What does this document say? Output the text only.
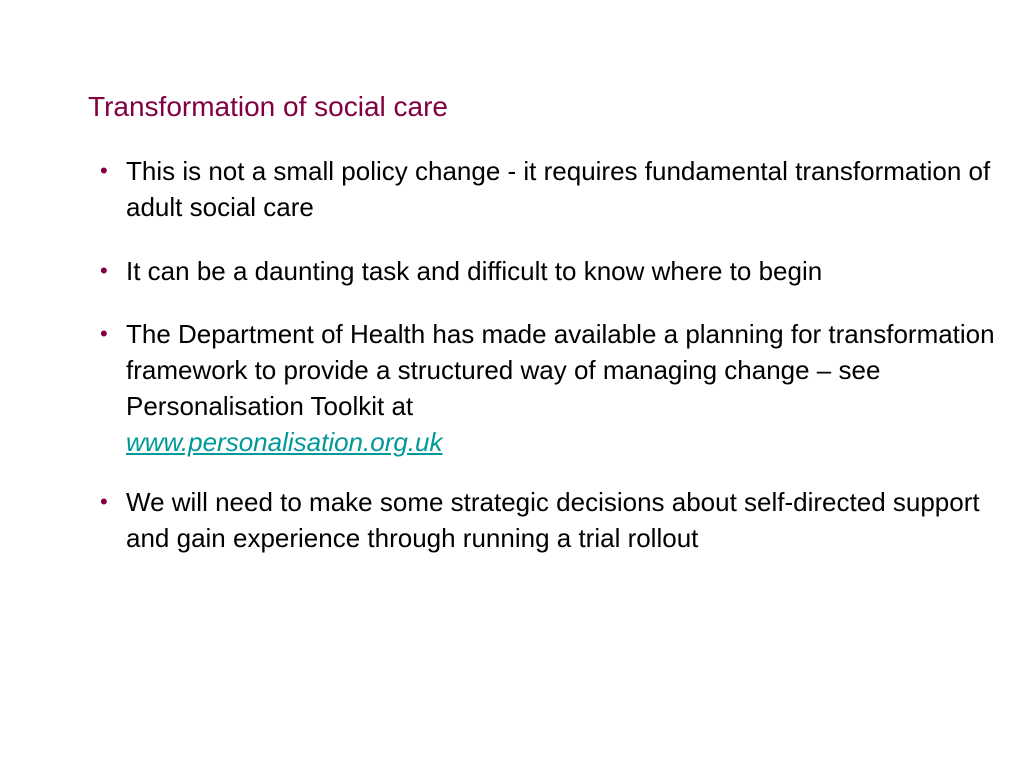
Transformation of social care
• This is not a small policy change - it requires fundamental transformation of adult social care
• It can be a daunting task and difficult to know where to begin
• The Department of Health has made available a planning for transformation framework to provide a structured way of managing change – see Personalisation Toolkit at
www.personalisation.org.uk
• We will need to make some strategic decisions about self-directed support and gain experience through running a trial rollout
